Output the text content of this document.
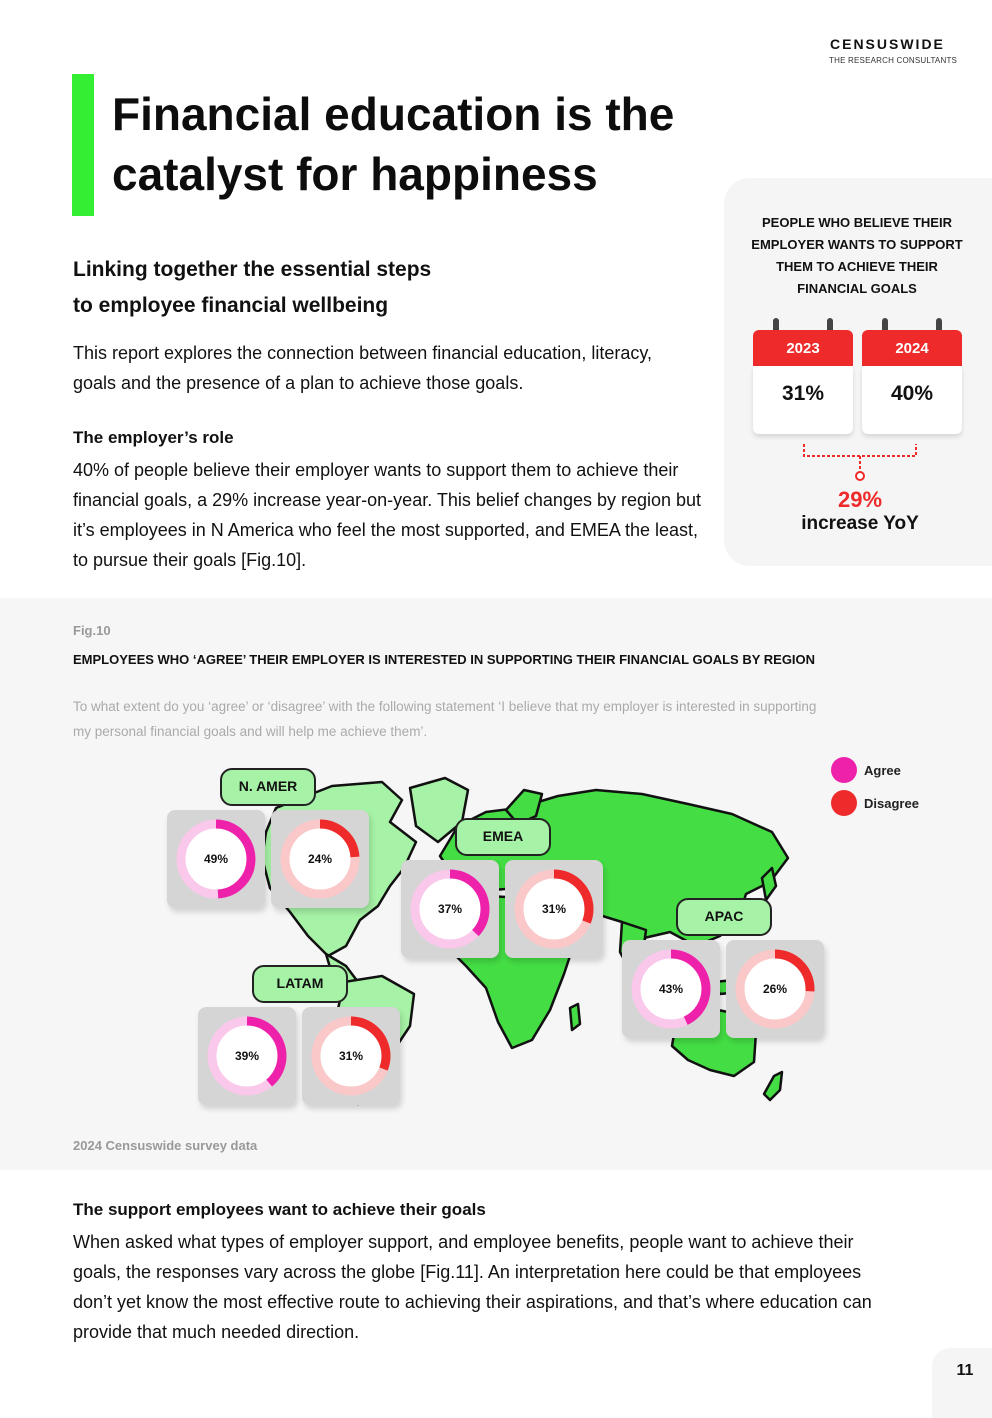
CENSUSWIDE
THE RESEARCH CONSULTANTS
Financial education is the
catalyst for happiness
Linking together the essential steps
to employee financial wellbeing
This report explores the connection between financial education, literacy, goals and the presence of a plan to achieve those goals.
The employer’s role
40% of people believe their employer wants to support them to achieve their financial goals, a 29% increase year-on-year. This belief changes by region but it’s employees in N America who feel the most supported, and EMEA the least, to pursue their goals [Fig.10].
PEOPLE WHO BELIEVE THEIR EMPLOYER WANTS TO SUPPORT THEM TO ACHIEVE THEIR FINANCIAL GOALS
2023
31%
2024
40%
29%
increase YoY
Fig.10
EMPLOYEES WHO ‘AGREE’ THEIR EMPLOYER IS INTERESTED IN SUPPORTING THEIR FINANCIAL GOALS BY REGION
To what extent do you ‘agree’ or ‘disagree’ with the following statement ‘I believe that my employer is interested in supporting my personal financial goals and will help me achieve them’.
Agree
Disagree
N. AMER
EMEA
APAC
LATAM
49%	24%
37%	31%
43%	26%
39%	31%
2024 Censuswide survey data
The support employees want to achieve their goals
When asked what types of employer support, and employee benefits, people want to achieve their goals, the responses vary across the globe [Fig.11]. An interpretation here could be that employees don’t yet know the most effective route to achieving their aspirations, and that’s where education can provide that much needed direction.
11
